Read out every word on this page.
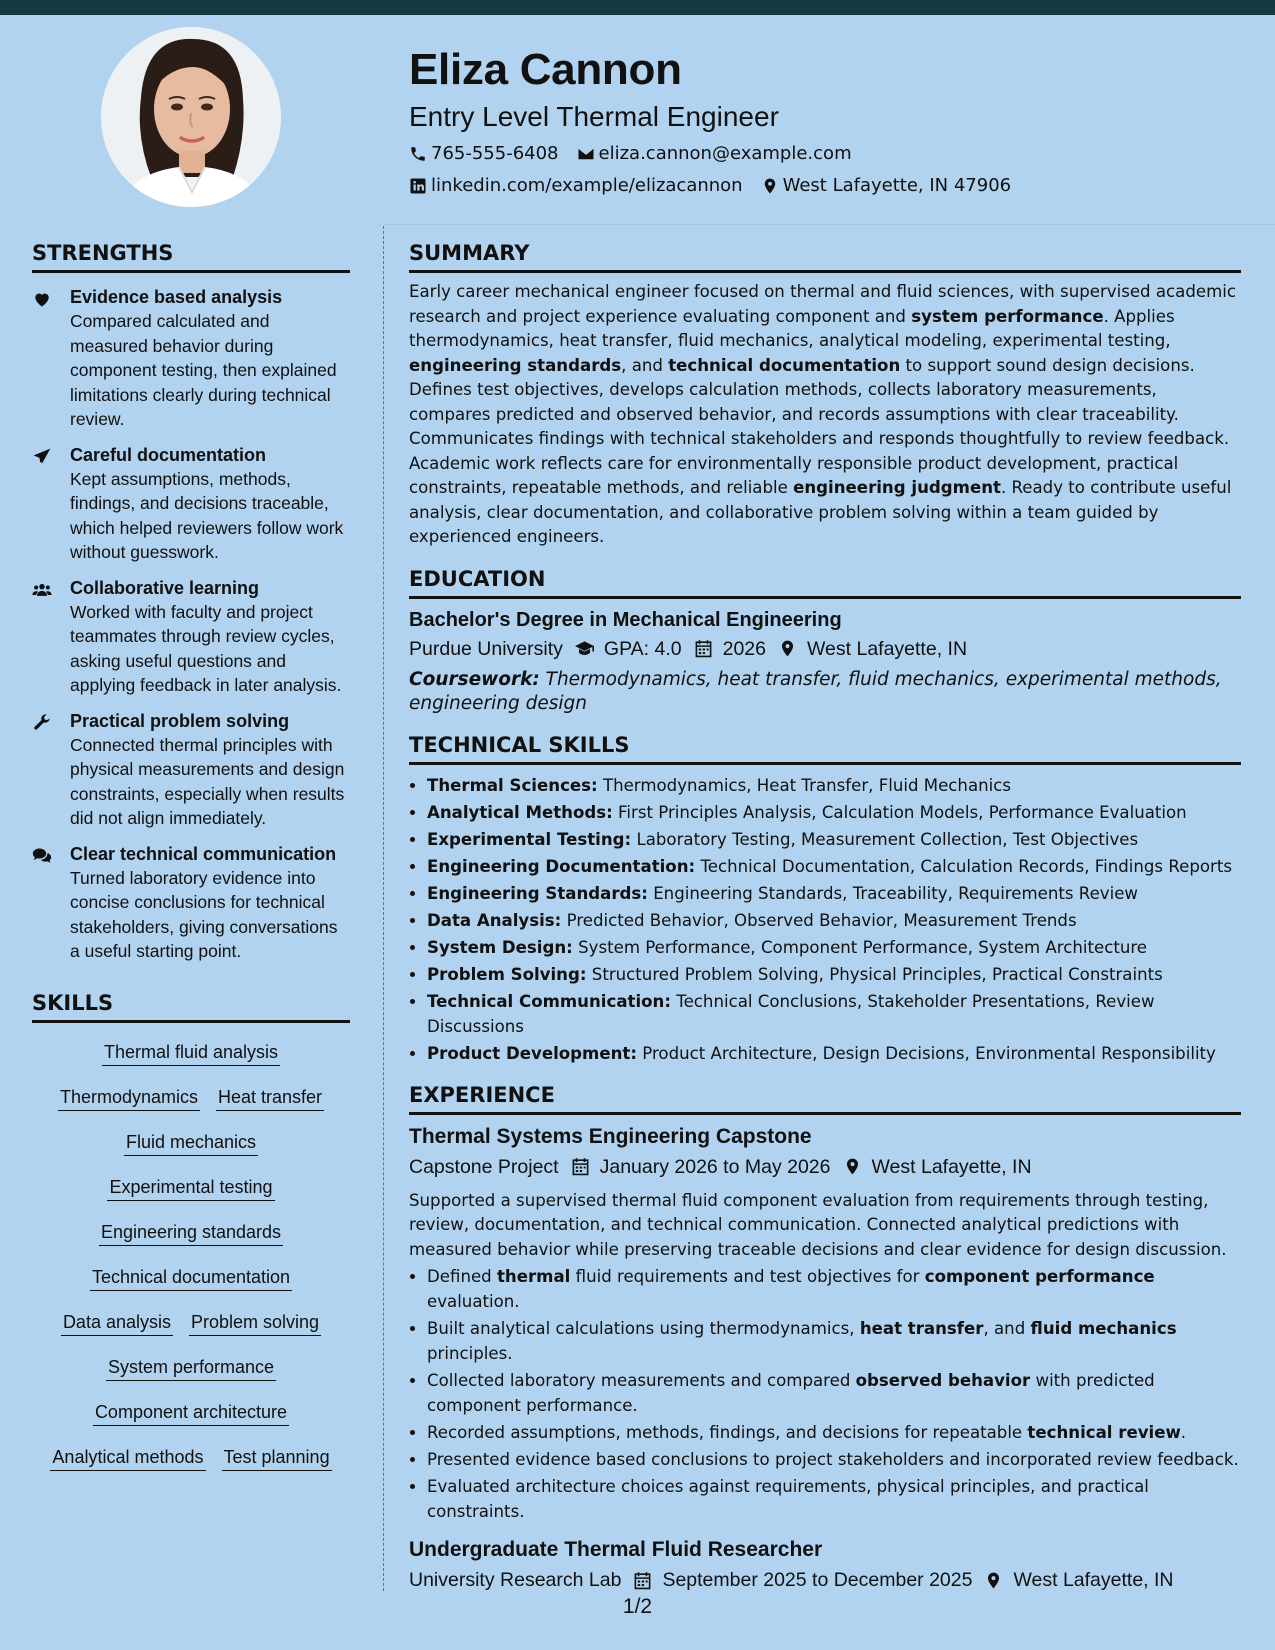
Eliza Cannon
Entry Level Thermal Engineer
765-555-6408 eliza.cannon@example.com
linkedin.com/example/elizacannon West Lafayette, IN 47906
STRENGTHS
Evidence based analysis
Compared calculated and measured behavior during component testing, then explained limitations clearly during technical review.
Careful documentation
Kept assumptions, methods, findings, and decisions traceable, which helped reviewers follow work without guesswork.
Collaborative learning
Worked with faculty and project teammates through review cycles, asking useful questions and applying feedback in later analysis.
Practical problem solving
Connected thermal principles with physical measurements and design constraints, especially when results did not align immediately.
Clear technical communication
Turned laboratory evidence into concise conclusions for technical stakeholders, giving conversations a useful starting point.
SKILLS
Thermal fluid analysis
Thermodynamics Heat transfer
Fluid mechanics
Experimental testing
Engineering standards
Technical documentation
Data analysis Problem solving
System performance
Component architecture
Analytical methods Test planning
SUMMARY

Early career mechanical engineer focused on thermal and fluid sciences, with supervised academic research and project experience evaluating component and system performance. Applies thermodynamics, heat transfer, fluid mechanics, analytical modeling, experimental testing, engineering standards, and technical documentation to support sound design decisions. Defines test objectives, develops calculation methods, collects laboratory measurements, compares predicted and observed behavior, and records assumptions with clear traceability. Communicates findings with technical stakeholders and responds thoughtfully to review feedback. Academic work reflects care for environmentally responsible product development, practical constraints, repeatable methods, and reliable engineering judgment. Ready to contribute useful analysis, clear documentation, and collaborative problem solving within a team guided by experienced engineers.

EDUCATION
Bachelor's Degree in Mechanical Engineering
Purdue University GPA: 4.0 2026 West Lafayette, IN
Coursework: Thermodynamics, heat transfer, fluid mechanics, experimental methods, engineering design
TECHNICAL SKILLS
• Thermal Sciences: Thermodynamics, Heat Transfer, Fluid Mechanics
• Analytical Methods: First Principles Analysis, Calculation Models, Performance Evaluation
• Experimental Testing: Laboratory Testing, Measurement Collection, Test Objectives
• Engineering Documentation: Technical Documentation, Calculation Records, Findings Reports
• Engineering Standards: Engineering Standards, Traceability, Requirements Review
• Data Analysis: Predicted Behavior, Observed Behavior, Measurement Trends
• System Design: System Performance, Component Performance, System Architecture
• Problem Solving: Structured Problem Solving, Physical Principles, Practical Constraints
• Technical Communication: Technical Conclusions, Stakeholder Presentations, Review Discussions
• Product Development: Product Architecture, Design Decisions, Environmental Responsibility
EXPERIENCE
Thermal Systems Engineering Capstone
Capstone Project January 2026 to May 2026 West Lafayette, IN
Supported a supervised thermal fluid component evaluation from requirements through testing, review, documentation, and technical communication. Connected analytical predictions with measured behavior while preserving traceable decisions and clear evidence for design discussion.
• Defined thermal fluid requirements and test objectives for component performance evaluation.
• Built analytical calculations using thermodynamics, heat transfer, and fluid mechanics principles.
• Collected laboratory measurements and compared observed behavior with predicted component performance.
• Recorded assumptions, methods, findings, and decisions for repeatable technical review.
• Presented evidence based conclusions to project stakeholders and incorporated review feedback.
• Evaluated architecture choices against requirements, physical principles, and practical constraints.
Undergraduate Thermal Fluid Researcher
University Research Lab September 2025 to December 2025 West Lafayette, IN
1/2
